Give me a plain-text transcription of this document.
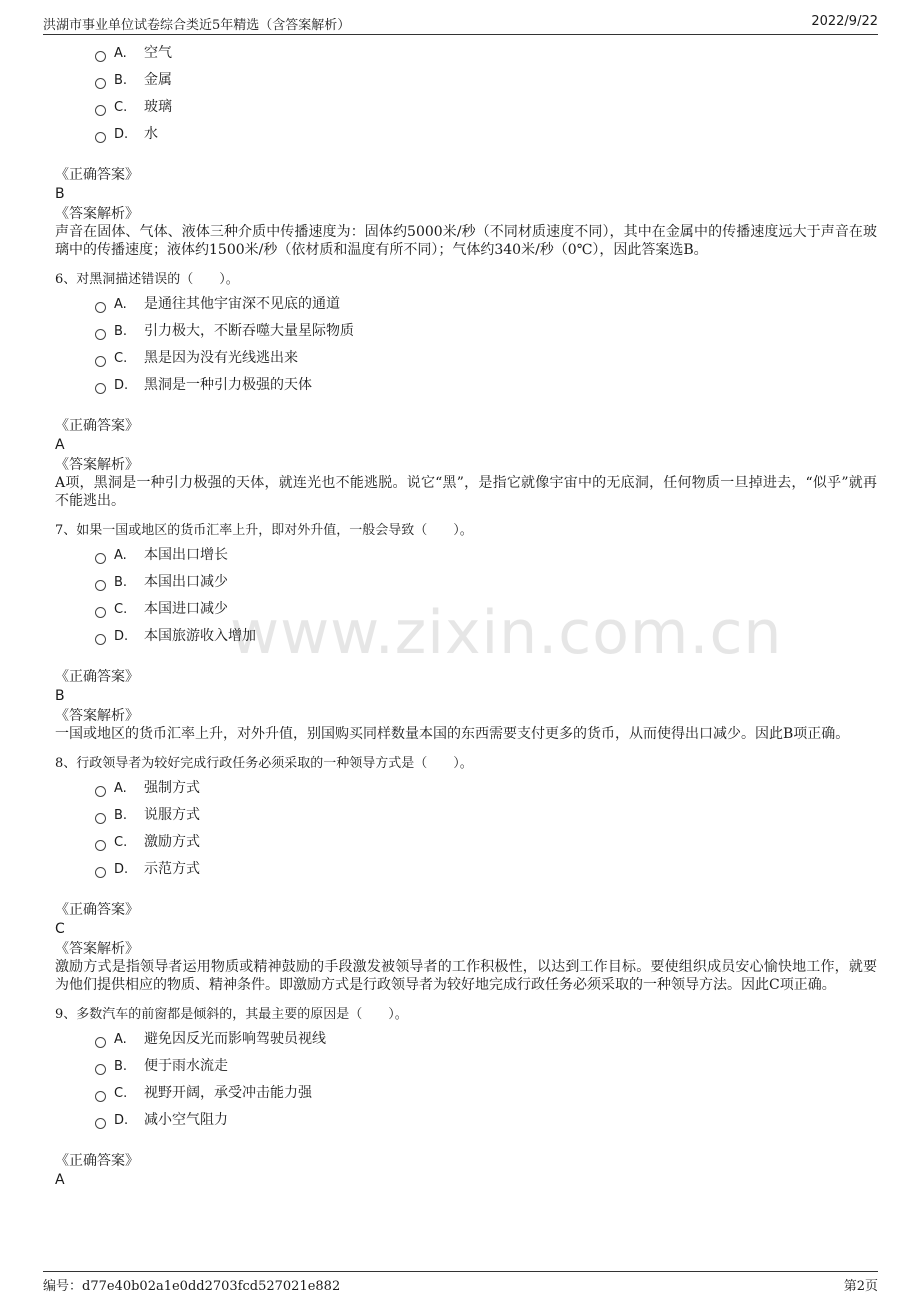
洪湖市事业单位试卷综合类近5年精选（含答案解析）	2022/9/22
www.zixin.com.cn
A. 空气
B. 金属
C. 玻璃
D. 水
《正确答案》
B
《答案解析》
声音在固体、气体、液体三种介质中传播速度为：固体约5000米/秒（不同材质速度不同），其中在金属中的传播速度远大于声音在玻璃中的传播速度；液体约1500米/秒（依材质和温度有所不同）；气体约340米/秒（0℃），因此答案选B。
6、对黑洞描述错误的（　　）。
A. 是通往其他宇宙深不见底的通道
B. 引力极大，不断吞噬大量星际物质
C. 黑是因为没有光线逃出来
D. 黑洞是一种引力极强的天体
《正确答案》
A
《答案解析》
A项，黑洞是一种引力极强的天体，就连光也不能逃脱。说它“黑”，是指它就像宇宙中的无底洞，任何物质一旦掉进去，“似乎”就再不能逃出。
7、如果一国或地区的货币汇率上升，即对外升值，一般会导致（　　）。
A. 本国出口增长
B. 本国出口减少
C. 本国进口减少
D. 本国旅游收入增加
《正确答案》
B
《答案解析》
一国或地区的货币汇率上升，对外升值，别国购买同样数量本国的东西需要支付更多的货币，从而使得出口减少。因此B项正确。
8、行政领导者为较好完成行政任务必须采取的一种领导方式是（　　）。
A. 强制方式
B. 说服方式
C. 激励方式
D. 示范方式
《正确答案》
C
《答案解析》
激励方式是指领导者运用物质或精神鼓励的手段激发被领导者的工作积极性，以达到工作目标。要使组织成员安心愉快地工作，就要为他们提供相应的物质、精神条件。即激励方式是行政领导者为较好地完成行政任务必须采取的一种领导方法。因此C项正确。
9、多数汽车的前窗都是倾斜的，其最主要的原因是（　　）。
A. 避免因反光而影响驾驶员视线
B. 便于雨水流走
C. 视野开阔，承受冲击能力强
D. 减小空气阻力
《正确答案》
A
编号：d77e40b02a1e0dd2703fcd527021e882	第2页
